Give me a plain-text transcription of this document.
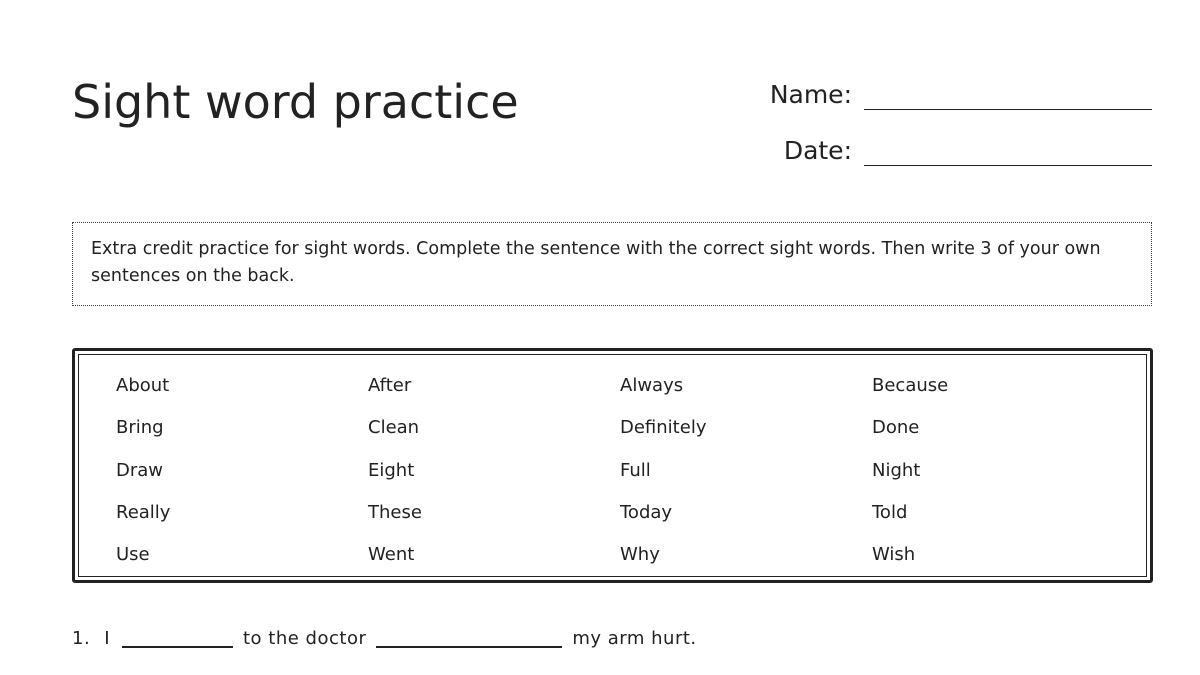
Sight word practice	Name:
Date:
Extra credit practice for sight words. Complete the sentence with the correct sight words. Then write 3 of your own sentences on the back.
About	After	Always	Because
Bring	Clean	Definitely	Done
Draw	Eight	Full	Night
Really	These	Today	Told
Use	Went	Why	Wish
1. I	to the doctor	my arm hurt.
